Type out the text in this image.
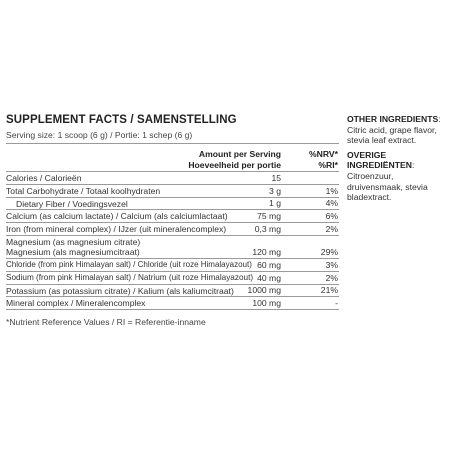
SUPPLEMENT FACTS / SAMENSTELLING
Serving size: 1 scoop (6 g) / Portie: 1 schep (6 g)
Amount per Serving
Hoeveelheid per portie
%NRV*
%RI*
Calories / Calorieën	15
Total Carbohydrate / Totaal koolhydraten	3 g	1%
Dietary Fiber / Voedingsvezel	1 g	4%
Calcium (as calcium lactate) / Calcium (als calciumlactaat)	75 mg	6%
Iron (from mineral complex) / IJzer (uit mineralencomplex)	0,3 mg	2%
Magnesium (as magnesium citrate)
Magnesium (als magnesiumcitraat)	120 mg	29%
Chloride (from pink Himalayan salt) / Chloride (uit roze Himalayazout) 60 mg	3%
Sodium (from pink Himalayan salt) / Natrium (uit roze Himalayazout) 40 mg	2%
Potassium (as potassium citrate) / Kalium (als kaliumcitraat) 1000 mg	21%
Mineral complex / Mineralencomplex	100 mg	-
*Nutrient Reference Values / RI = Referentie-inname
OTHER INGREDIENTS: Citric acid, grape flavor, stevia leaf extract.
OVERIGE INGREDIËNTEN: Citroenzuur, druivensmaak, stevia bladextract.
